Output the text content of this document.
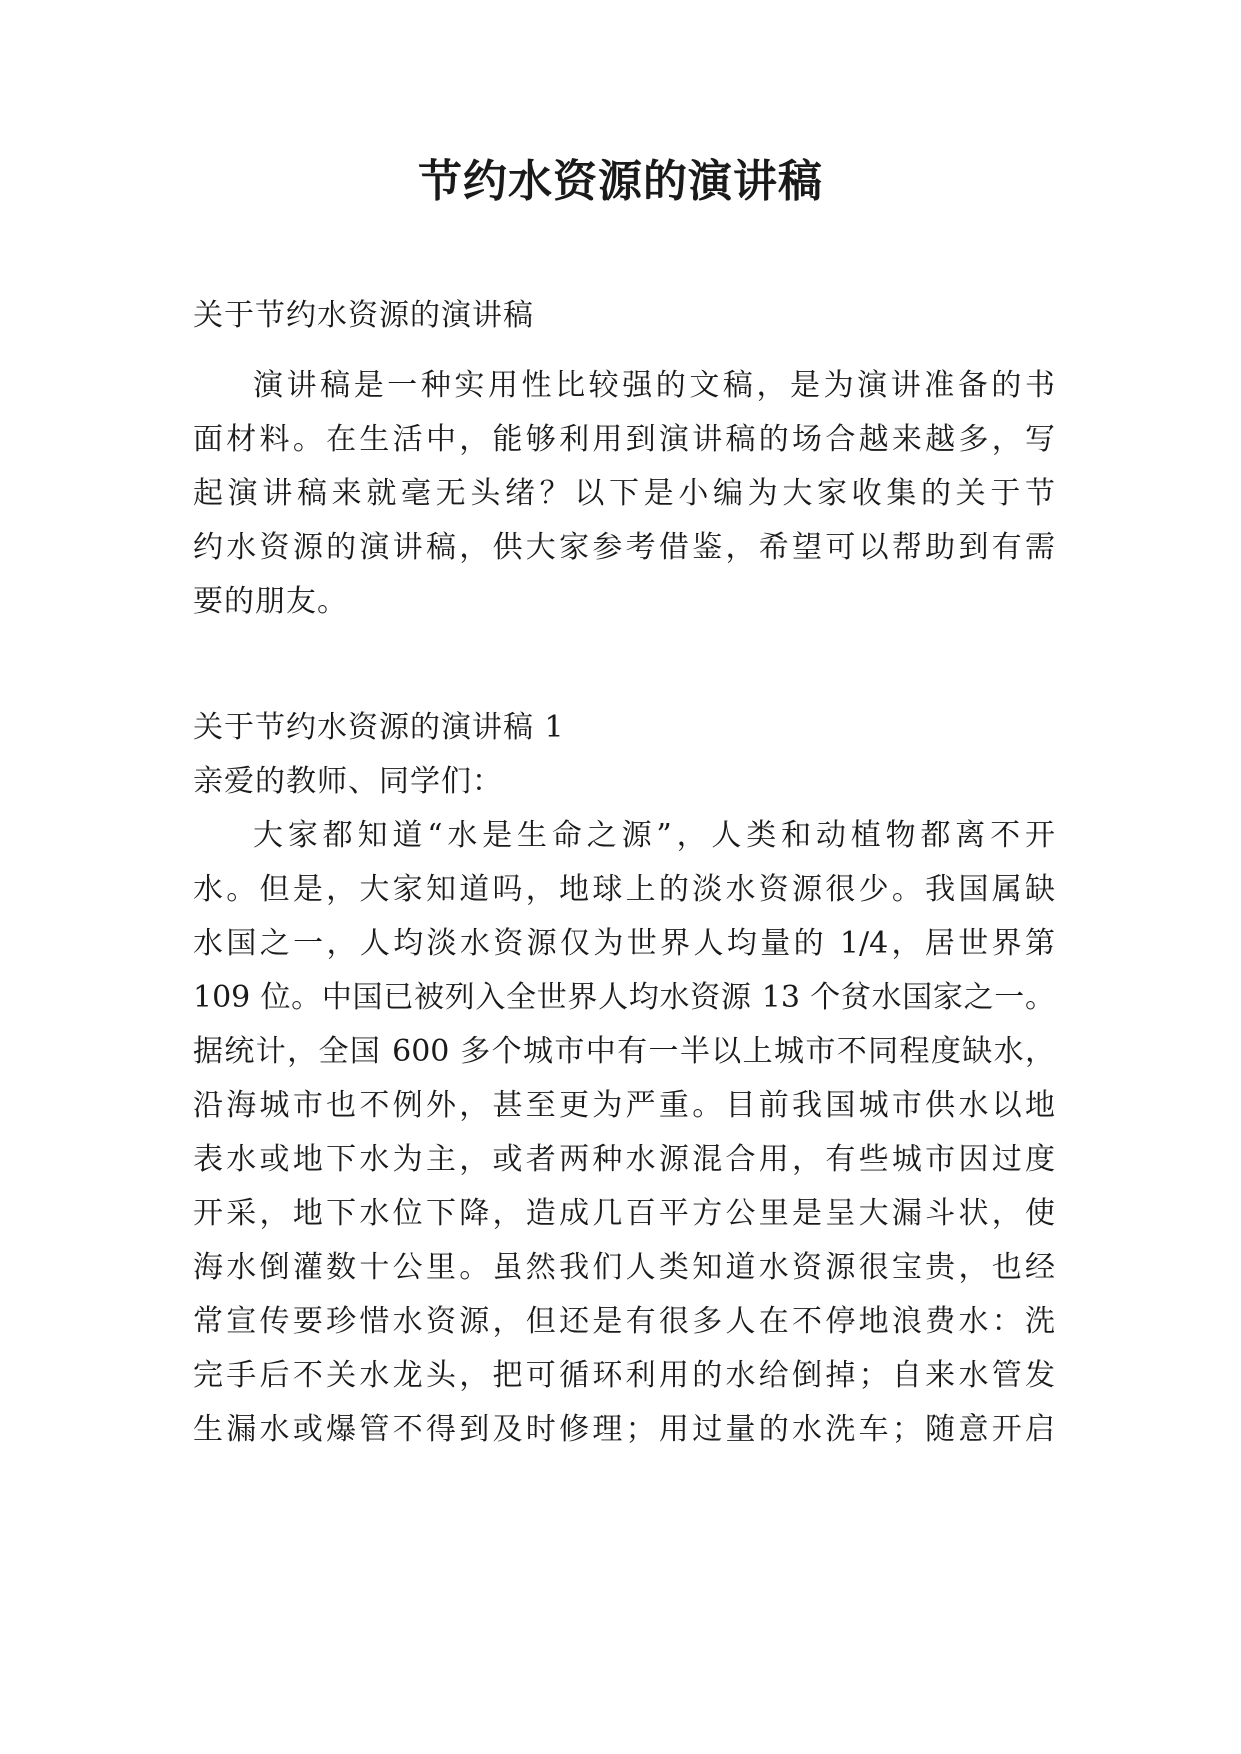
节约水资源的演讲稿
关于节约水资源的演讲稿
演讲稿是一种实用性比较强的文稿，是为演讲准备的书
面材料。在生活中，能够利用到演讲稿的场合越来越多，写
起演讲稿来就毫无头绪？以下是小编为大家收集的关于节
约水资源的演讲稿，供大家参考借鉴，希望可以帮助到有需
要的朋友。
关于节约水资源的演讲稿 1
亲爱的教师、同学们：
大家都知道“水是生命之源”，人类和动植物都离不开
水。但是，大家知道吗，地球上的淡水资源很少。我国属缺
水国之一，人均淡水资源仅为世界人均量的 1/4，居世界第
109 位。中国已被列入全世界人均水资源 13 个贫水国家之一。
据统计，全国 600 多个城市中有一半以上城市不同程度缺水，
沿海城市也不例外，甚至更为严重。目前我国城市供水以地
表水或地下水为主，或者两种水源混合用，有些城市因过度
开采，地下水位下降，造成几百平方公里是呈大漏斗状，使
海水倒灌数十公里。虽然我们人类知道水资源很宝贵，也经
常宣传要珍惜水资源，但还是有很多人在不停地浪费水：洗
完手后不关水龙头，把可循环利用的水给倒掉；自来水管发
生漏水或爆管不得到及时修理；用过量的水洗车；随意开启
